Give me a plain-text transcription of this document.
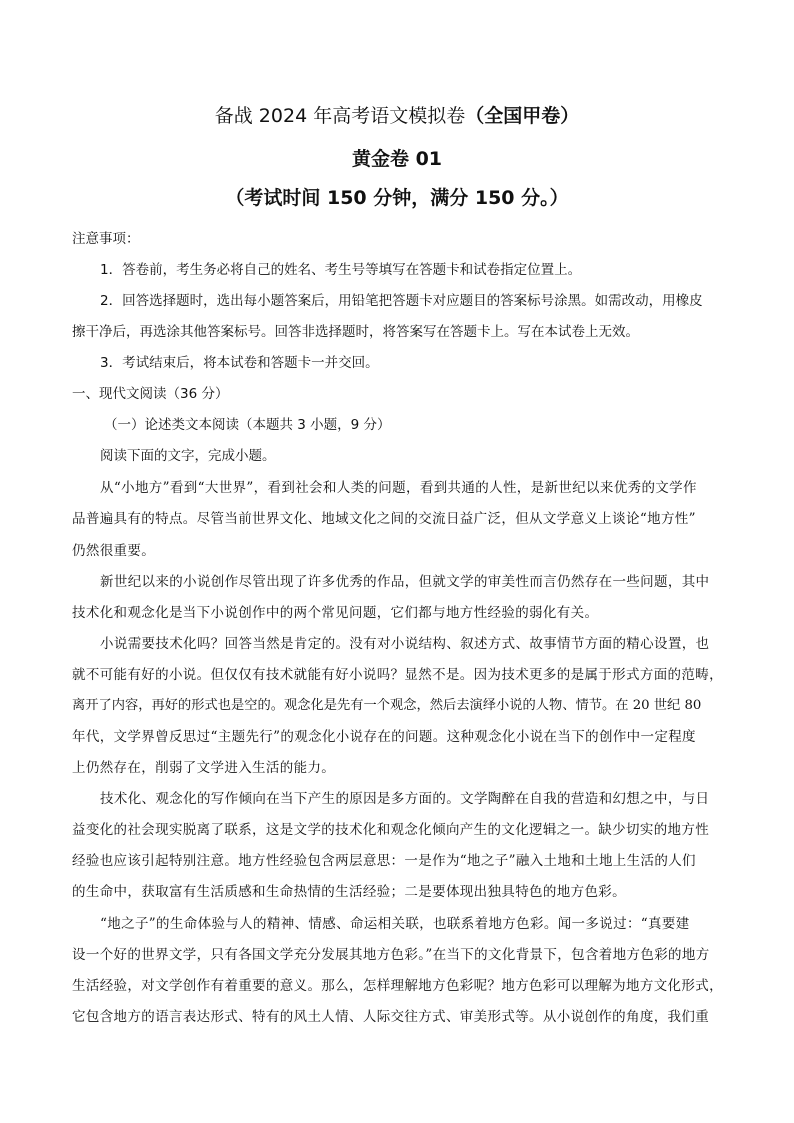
备战 2024 年高考语文模拟卷（全国甲卷）
黄金卷 01
（考试时间 150 分钟，满分 150 分。）
注意事项：
1．答卷前，考生务必将自己的姓名、考生号等填写在答题卡和试卷指定位置上。
2．回答选择题时，选出每小题答案后，用铅笔把答题卡对应题目的答案标号涂黑。如需改动，用橡皮
擦干净后，再选涂其他答案标号。回答非选择题时，将答案写在答题卡上。写在本试卷上无效。
3．考试结束后，将本试卷和答题卡一并交回。
一、现代文阅读（36 分）
（一）论述类文本阅读（本题共 3 小题，9 分）
阅读下面的文字，完成小题。
从“小地方”看到“大世界”，看到社会和人类的问题，看到共通的人性，是新世纪以来优秀的文学作
品普遍具有的特点。尽管当前世界文化、地域文化之间的交流日益广泛，但从文学意义上谈论“地方性”
仍然很重要。
新世纪以来的小说创作尽管出现了许多优秀的作品，但就文学的审美性而言仍然存在一些问题，其中
技术化和观念化是当下小说创作中的两个常见问题，它们都与地方性经验的弱化有关。
小说需要技术化吗？回答当然是肯定的。没有对小说结构、叙述方式、故事情节方面的精心设置，也
就不可能有好的小说。但仅仅有技术就能有好小说吗？显然不是。因为技术更多的是属于形式方面的范畴，
离开了内容，再好的形式也是空的。观念化是先有一个观念，然后去演绎小说的人物、情节。在 20 世纪 80
年代，文学界曾反思过“主题先行”的观念化小说存在的问题。这种观念化小说在当下的创作中一定程度
上仍然存在，削弱了文学进入生活的能力。
技术化、观念化的写作倾向在当下产生的原因是多方面的。文学陶醉在自我的营造和幻想之中，与日
益变化的社会现实脱离了联系，这是文学的技术化和观念化倾向产生的文化逻辑之一。缺少切实的地方性
经验也应该引起特别注意。地方性经验包含两层意思：一是作为“地之子”融入土地和土地上生活的人们
的生命中，获取富有生活质感和生命热情的生活经验；二是要体现出独具特色的地方色彩。
“地之子”的生命体验与人的精神、情感、命运相关联，也联系着地方色彩。闻一多说过：“真要建
设一个好的世界文学，只有各国文学充分发展其地方色彩。”在当下的文化背景下，包含着地方色彩的地方
生活经验，对文学创作有着重要的意义。那么，怎样理解地方色彩呢？地方色彩可以理解为地方文化形式，
它包含地方的语言表达形式、特有的风土人情、人际交往方式、审美形式等。从小说创作的角度，我们重
